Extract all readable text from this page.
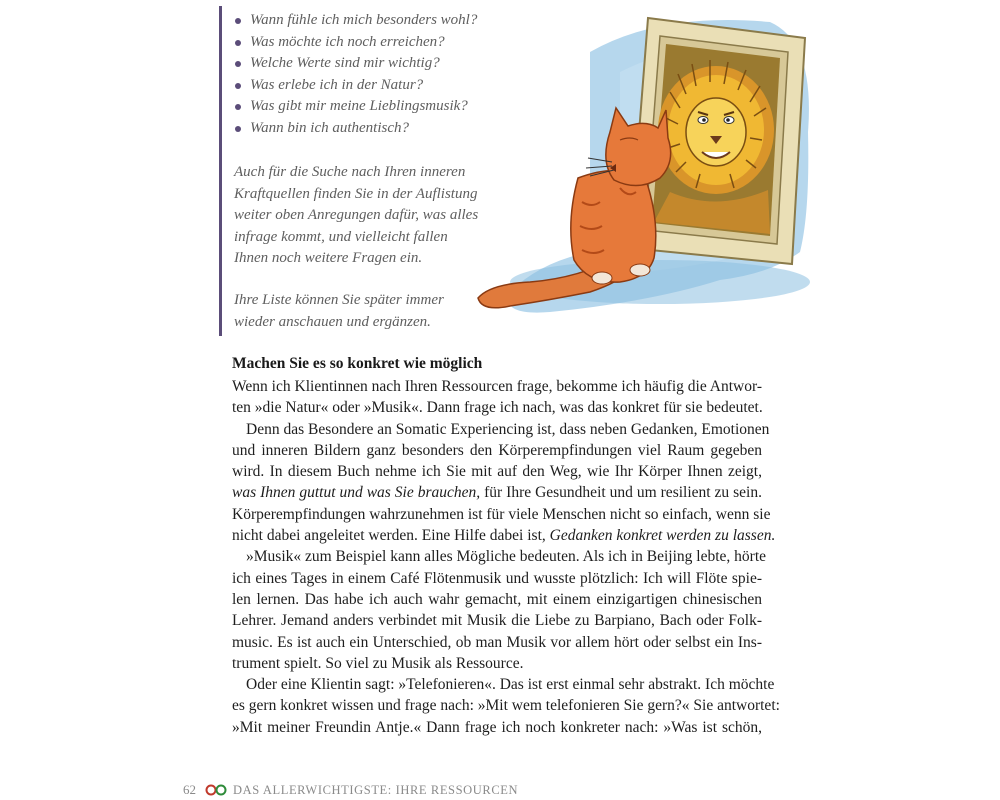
Wann fühle ich mich besonders wohl?
Was möchte ich noch erreichen?
Welche Werte sind mir wichtig?
Was erlebe ich in der Natur?
Was gibt mir meine Lieblingsmusik?
Wann bin ich authentisch?

Auch für die Suche nach Ihren inneren
Kraftquellen finden Sie in der Auflistung
weiter oben Anregungen dafür, was alles
infrage kommt, und vielleicht fallen
Ihnen noch weitere Fragen ein.

Ihre Liste können Sie später immer
wieder anschauen und ergänzen.

Machen Sie es so konkret wie möglich
Wenn ich Klientinnen nach Ihren Ressourcen frage, bekomme ich häufig die Antwor-
ten »die Natur« oder »Musik«. Dann frage ich nach, was das konkret für sie bedeutet.
Denn das Besondere an Somatic Experiencing ist, dass neben Gedanken, Emotionen
und inneren Bildern ganz besonders den Körperempfindungen viel Raum gegeben
wird. In diesem Buch nehme ich Sie mit auf den Weg, wie Ihr Körper Ihnen zeigt,
was Ihnen guttut und was Sie brauchen, für Ihre Gesundheit und um resilient zu sein.
Körperempfindungen wahrzunehmen ist für viele Menschen nicht so einfach, wenn sie
nicht dabei angeleitet werden. Eine Hilfe dabei ist, Gedanken konkret werden zu lassen.
»Musik« zum Beispiel kann alles Mögliche bedeuten. Als ich in Beijing lebte, hörte
ich eines Tages in einem Café Flötenmusik und wusste plötzlich: Ich will Flöte spie-
len lernen. Das habe ich auch wahr gemacht, mit einem einzigartigen chinesischen
Lehrer. Jemand anders verbindet mit Musik die Liebe zu Barpiano, Bach oder Folk-
music. Es ist auch ein Unterschied, ob man Musik vor allem hört oder selbst ein Ins-
trument spielt. So viel zu Musik als Ressource.
Oder eine Klientin sagt: »Telefonieren«. Das ist erst einmal sehr abstrakt. Ich möchte
es gern konkret wissen und frage nach: »Mit wem telefonieren Sie gern?« Sie antwortet:
»Mit meiner Freundin Antje.« Dann frage ich noch konkreter nach: »Was ist schön,
62	DAS ALLERWICHTIGSTE: IHRE RESSOURCEN
